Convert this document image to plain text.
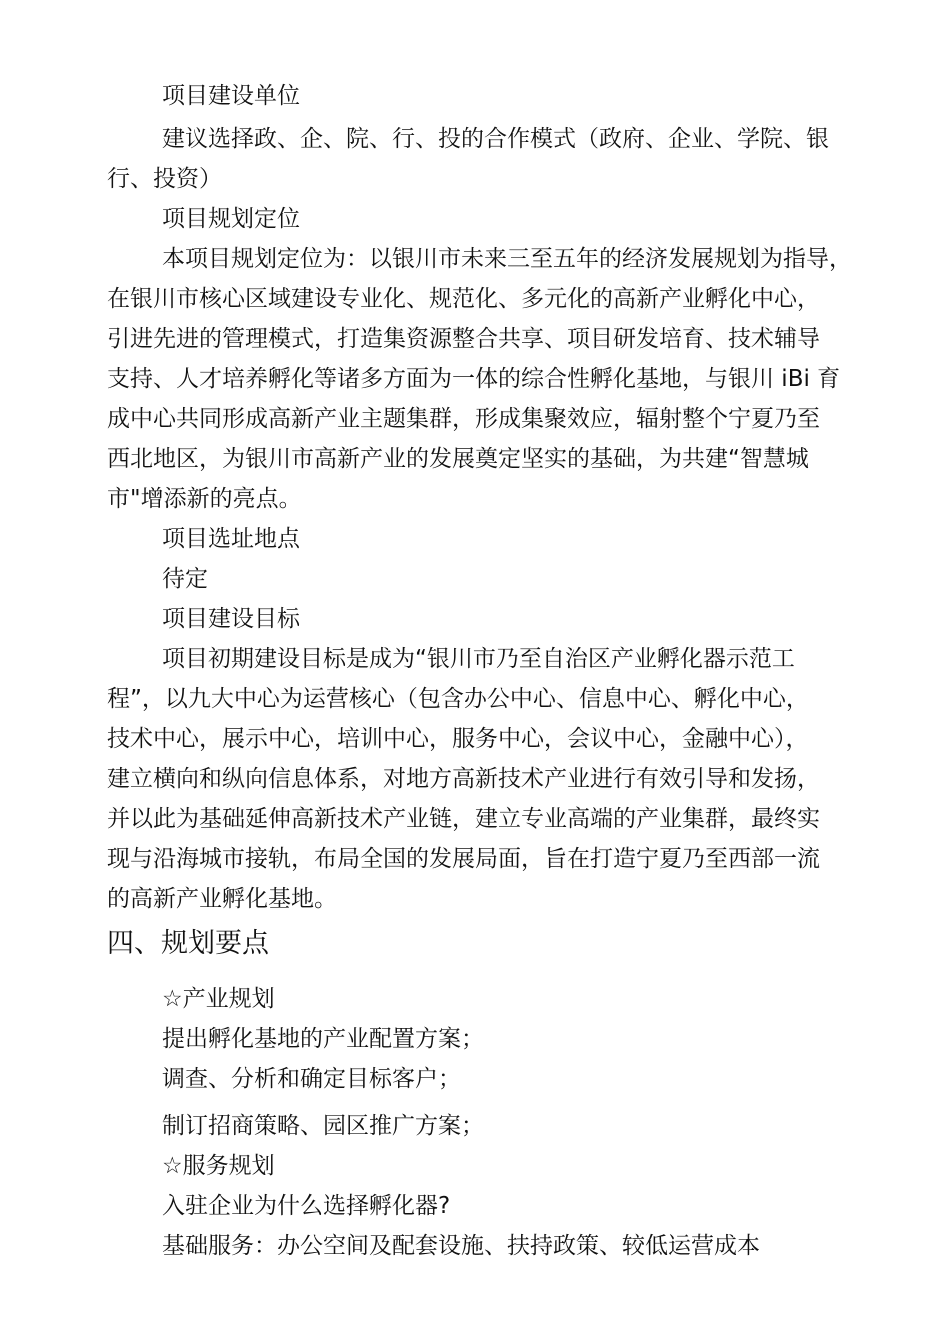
项目建设单位
建议选择政、企、院、行、投的合作模式（政府、企业、学院、银
行、投资）
项目规划定位
本项目规划定位为：以银川市未来三至五年的经济发展规划为指导，
在银川市核心区域建设专业化、规范化、多元化的高新产业孵化中心，
引进先进的管理模式，打造集资源整合共享、项目研发培育、技术辅导
支持、人才培养孵化等诸多方面为一体的综合性孵化基地，与银川 iBi 育
成中心共同形成高新产业主题集群，形成集聚效应，辐射整个宁夏乃至
西北地区，为银川市高新产业的发展奠定坚实的基础，为共建“智慧城
市"增添新的亮点。
项目选址地点
待定
项目建设目标
项目初期建设目标是成为“银川市乃至自治区产业孵化器示范工
程”，以九大中心为运营核心（包含办公中心、信息中心、孵化中心，
技术中心，展示中心，培训中心，服务中心，会议中心，金融中心），
建立横向和纵向信息体系，对地方高新技术产业进行有效引导和发扬，
并以此为基础延伸高新技术产业链，建立专业高端的产业集群，最终实
现与沿海城市接轨，布局全国的发展局面，旨在打造宁夏乃至西部一流
的高新产业孵化基地。
四、规划要点
☆产业规划
提出孵化基地的产业配置方案；
调查、分析和确定目标客户；
制订招商策略、园区推广方案；
☆服务规划
入驻企业为什么选择孵化器?
基础服务：办公空间及配套设施、扶持政策、较低运营成本
